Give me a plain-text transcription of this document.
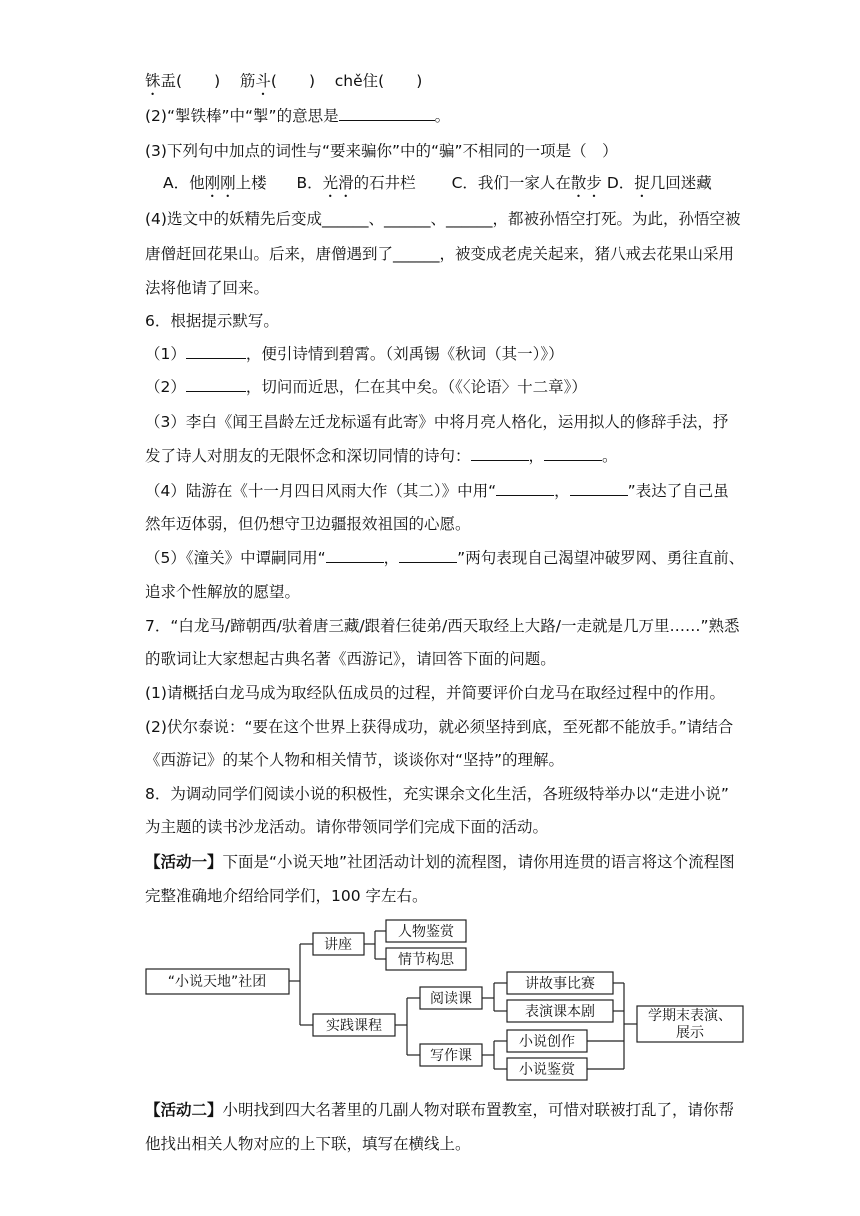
铢盂( ) 筋斗( ) chě住( )
(2)“掣铁棒”中“掣”的意思是	。
(3)下列句中加点的词性与“要来骗你”中的“骗”不相同的一项是（　）
A．他刚刚上楼 B．光滑的石井栏 C．我们一家人在散步 D．捉几回迷藏
(4)选文中的妖精先后变成______、______、______，都被孙悟空打死。为此，孙悟空被
唐僧赶回花果山。后来，唐僧遇到了______，被变成老虎关起来，猪八戒去花果山采用
法将他请了回来。
6．根据提示默写。
（1）	，便引诗情到碧霄。（刘禹锡《秋词（其一）》）
（2）	，切问而近思，仁在其中矣。（《〈论语〉十二章》）
（3）李白《闻王昌龄左迁龙标遥有此寄》中将月亮人格化，运用拟人的修辞手法，抒
发了诗人对朋友的无限怀念和深切同情的诗句：	，	。
（4）陆游在《十一月四日风雨大作（其二）》中用“	，	”表达了自己虽
然年迈体弱，但仍想守卫边疆报效祖国的心愿。
（5）《潼关》中谭嗣同用“	，	”两句表现自己渴望冲破罗网、勇往直前、
追求个性解放的愿望。
7．“白龙马/蹄朝西/驮着唐三藏/跟着仨徒弟/西天取经上大路/一走就是几万里……”熟悉
的歌词让大家想起古典名著《西游记》，请回答下面的问题。
(1)请概括白龙马成为取经队伍成员的过程，并简要评价白龙马在取经过程中的作用。
(2)伏尔泰说：“要在这个世界上获得成功，就必须坚持到底，至死都不能放手。”请结合
《西游记》的某个人物和相关情节，谈谈你对“坚持”的理解。
8．为调动同学们阅读小说的积极性，充实课余文化生活，各班级特举办以“走进小说”
为主题的读书沙龙活动。请你带领同学们完成下面的活动。
【活动一】下面是“小说天地”社团活动计划的流程图，请你用连贯的语言将这个流程图
完整准确地介绍给同学们，100 字左右。
“小说天地”社团
讲座
人物鉴赏
情节构思
实践课程
阅读课
讲故事比赛
表演课本剧
写作课
小说创作
小说鉴赏
学期末表演、
展示
【活动二】小明找到四大名著里的几副人物对联布置教室，可惜对联被打乱了，请你帮
他找出相关人物对应的上下联，填写在横线上。
